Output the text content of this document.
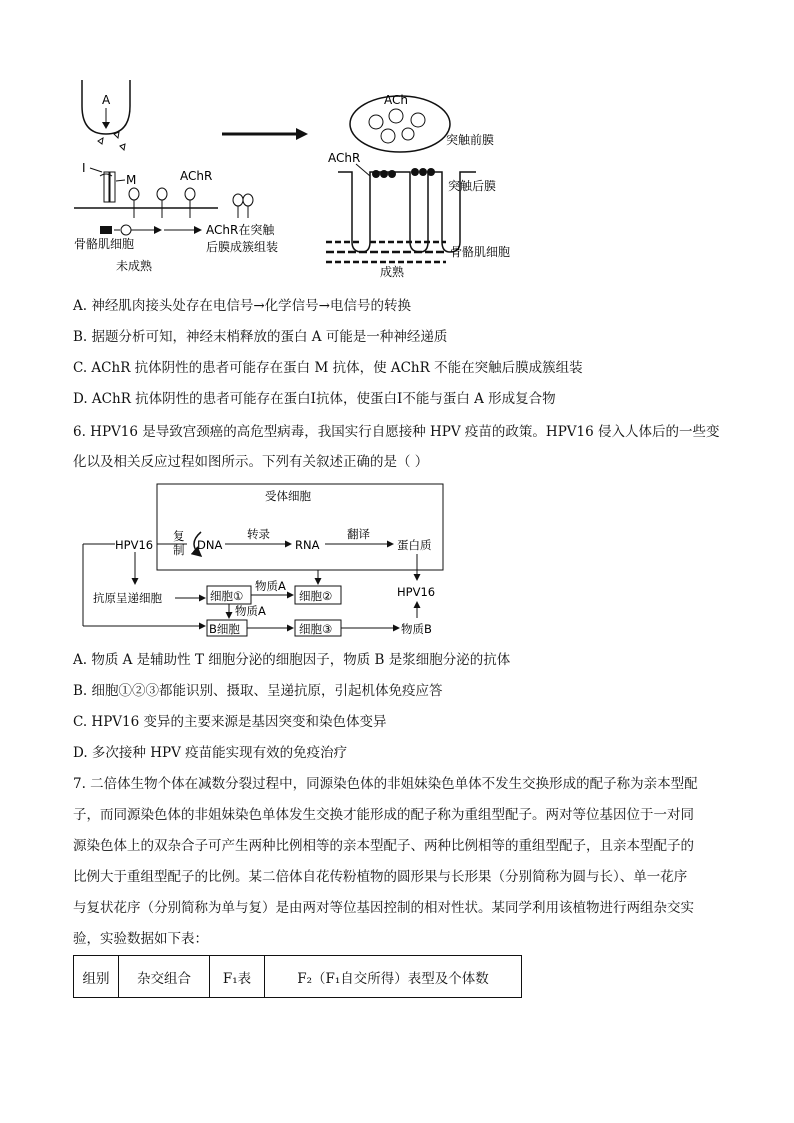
A
I
M	AChR
AChR在突触
后膜成簇组装
骨骼肌细胞
未成熟
ACh
突触前膜
AChR
突触后膜
骨骼肌细胞
成熟
A. 神经肌肉接头处存在电信号→化学信号→电信号的转换
B. 据题分析可知，神经末梢释放的蛋白 A 可能是一种神经递质
C. AChR 抗体阴性的患者可能存在蛋白 M 抗体，使 AChR 不能在突触后膜成簇组装
D. AChR 抗体阴性的患者可能存在蛋白Ⅰ抗体，使蛋白Ⅰ不能与蛋白 A 形成复合物
6. HPV16 是导致宫颈癌的高危型病毒，我国实行自愿接种 HPV 疫苗的政策。HPV16 侵入人体后的一些变
化以及相关反应过程如图所示。下列有关叙述正确的是（ ）
受体细胞
HPV16
复
制 DNA
转录
RNA
翻译
蛋白质
抗原呈递细胞	细胞①
物质A
细胞②
物质A
B细胞	细胞③	物质B
HPV16
A. 物质 A 是辅助性 T 细胞分泌的细胞因子，物质 B 是浆细胞分泌的抗体
B. 细胞①②③都能识别、摄取、呈递抗原，引起机体免疫应答
C. HPV16 变异的主要来源是基因突变和染色体变异
D. 多次接种 HPV 疫苗能实现有效的免疫治疗
7. 二倍体生物个体在减数分裂过程中，同源染色体的非姐妹染色单体不发生交换形成的配子称为亲本型配
子，而同源染色体的非姐妹染色单体发生交换才能形成的配子称为重组型配子。两对等位基因位于一对同
源染色体上的双杂合子可产生两种比例相等的亲本型配子、两种比例相等的重组型配子，且亲本型配子的
比例大于重组型配子的比例。某二倍体自花传粉植物的圆形果与长形果（分别简称为圆与长）、单一花序
与复状花序（分别简称为单与复）是由两对等位基因控制的相对性状。某同学利用该植物进行两组杂交实
验，实验数据如下表：
组别	杂交组合	F₁表	F₂（F₁自交所得）表型及个体数
